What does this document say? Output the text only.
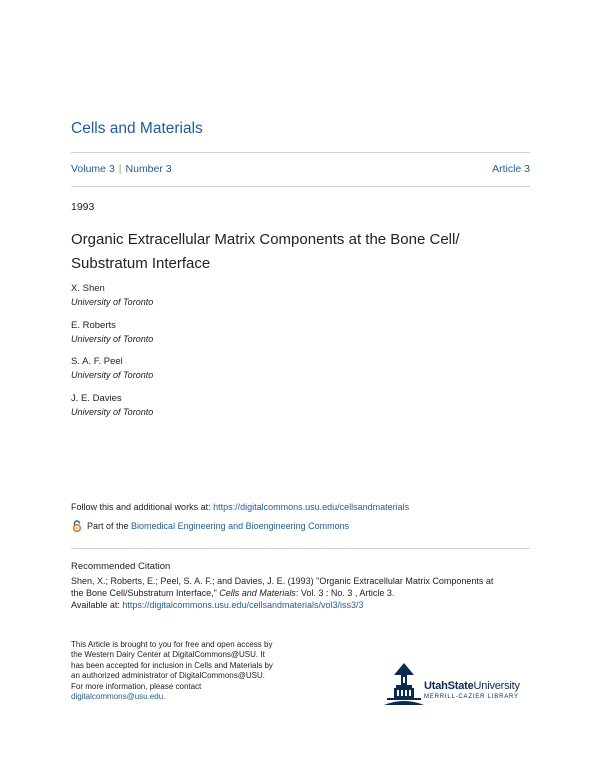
Cells and Materials
Volume 3 | Number 3	Article 3
1993
Organic Extracellular Matrix Components at the Bone Cell/
Substratum Interface
X. Shen
University of Toronto
E. Roberts
University of Toronto
S. A. F. Peel
University of Toronto
J. E. Davies
University of Toronto
Follow this and additional works at: https://digitalcommons.usu.edu/cellsandmaterials
Part of the
Biomedical Engineering and Bioengineering Commons
Recommended Citation
Shen, X.; Roberts, E.; Peel, S. A. F.; and Davies, J. E. (1993) "Organic Extracellular Matrix Components at
the Bone Cell/Substratum Interface," Cells and Materials: Vol. 3 : No. 3 , Article 3.
Available at: https://digitalcommons.usu.edu/cellsandmaterials/vol3/iss3/3
This Article is brought to you for free and open access by
the Western Dairy Center at DigitalCommons@USU. It
has been accepted for inclusion in Cells and Materials by
an authorized administrator of DigitalCommons@USU.
For more information, please contact
digitalcommons@usu.edu.
UtahStateUniversity
MERRILL-CAZIER LIBRARY
